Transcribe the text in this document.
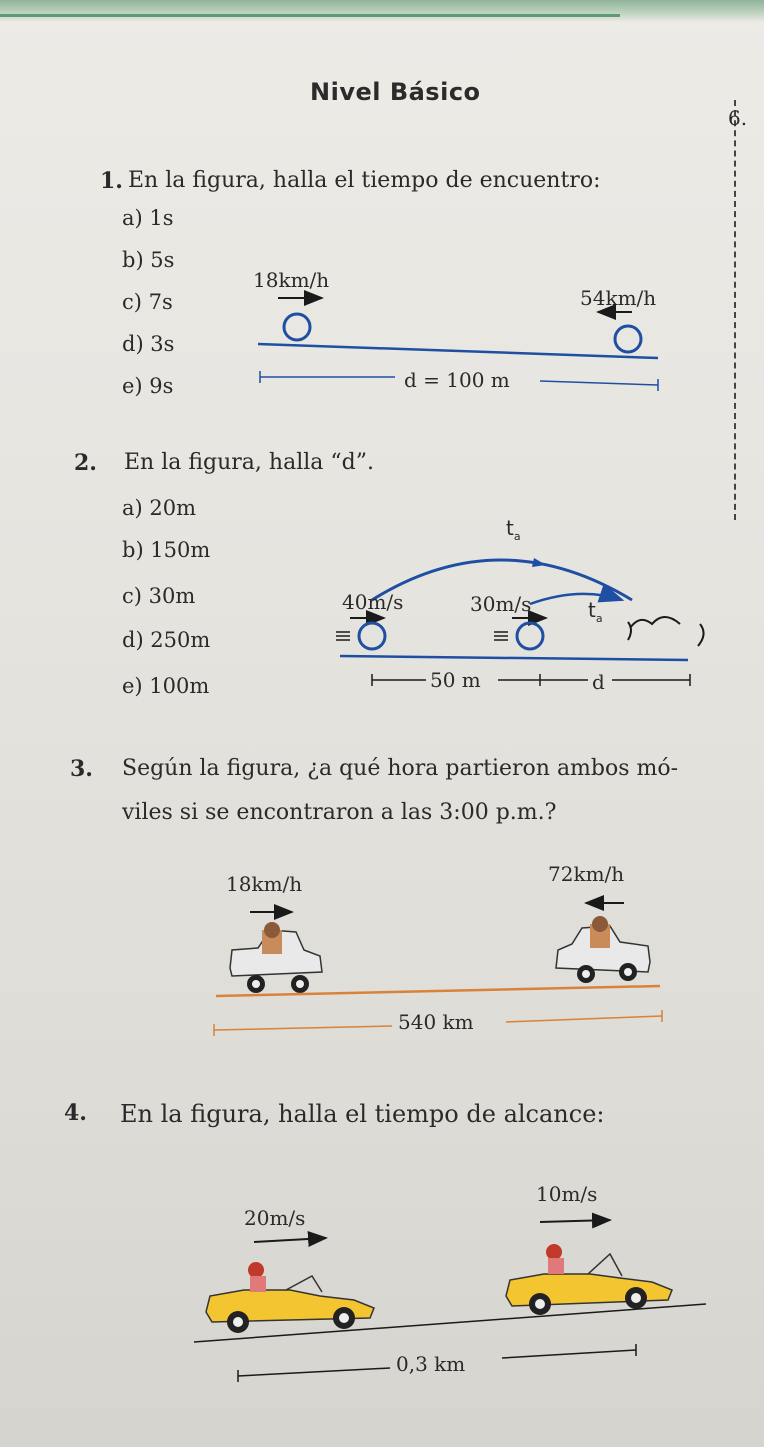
Nivel Básico
6.
1. En la figura, halla el tiempo de encuentro:
a) 1s
b) 5s
c) 7s
d) 3s
e) 9s
18km/h
54km/h
d = 100 m
2. En la figura, halla “d”.
a) 20m
b) 150m
c) 30m
d) 250m
e) 100m
$t_a$
$t_a$
40m/s	30m/s
50 m	d
3. Según la figura, ¿a qué hora partieron ambos mó-
viles si se encontraron a las 3:00 p.m.?
18km/h	72km/h
540 km
4. En la figura, halla el tiempo de alcance:
20m/s
10m/s
0,3 km
